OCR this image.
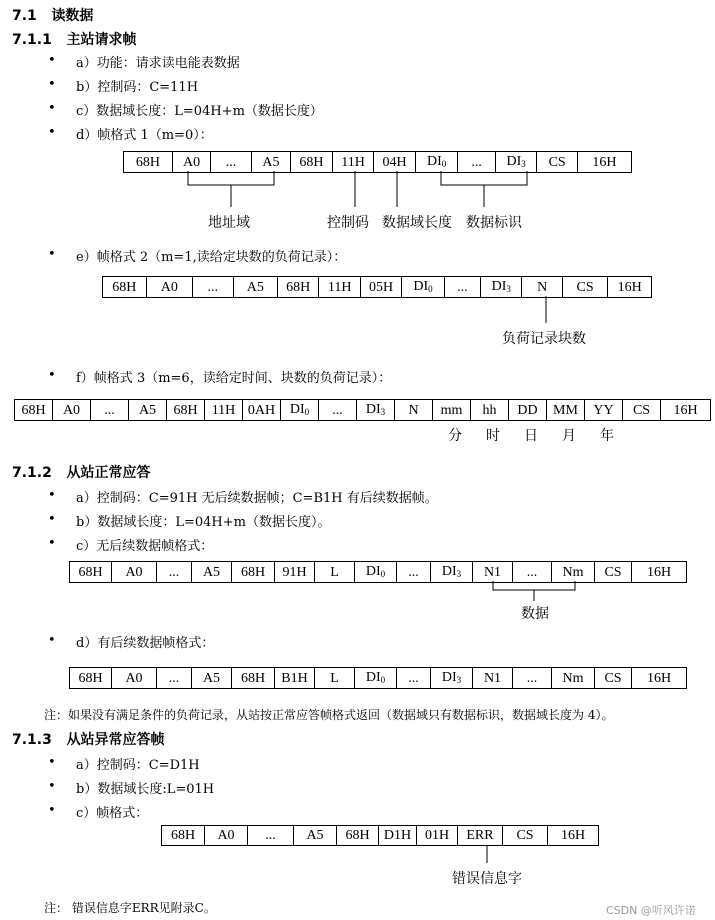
7.1 读数据
7.1.1 主站请求帧
• a）功能：请求读电能表数据
• b）控制码：C=11H
• c）数据域长度：L=04H+m（数据长度）
• d）帧格式 1（m=0）：
68H	A0	...	A5	68H	11H	04H	$DI_0$	...	$DI_3$	CS	16H
地址域	控制码 数据域长度 数据标识
• e）帧格式 2（m=1,读给定块数的负荷记录）：
68H	A0	...	A5	68H	11H	05H	$DI_0$	...	$DI_3$	N	CS	16H
负荷记录块数
• f）帧格式 3（m=6，读给定时间、块数的负荷记录）：
68H	A0	...	A5	68H	11H	0AH	$DI_0$	...	$DI_3$	N	mm	hh	DD	MM	YY	CS	16H
分 时 日 月 年
7.1.2 从站正常应答
• a）控制码：C=91H 无后续数据帧；C=B1H 有后续数据帧。
• b）数据域长度：L=04H+m（数据长度）。
• c）无后续数据帧格式：
68H	A0	...	A5	68H	91H	L	$DI_0$	...	$DI_3$	N1	...	Nm	CS	16H
数据
• d）有后续数据帧格式：
68H	A0	...	A5	68H	B1H	L	$DI_0$	...	$DI_3$	N1	...	Nm	CS	16H
注：如果没有满足条件的负荷记录，从站按正常应答帧格式返回（数据域只有数据标识，数据域长度为 4）。
7.1.3 从站异常应答帧
• a）控制码：C=D1H
• b）数据域长度:L=01H
• c）帧格式：
68H	A0	...	A5	68H	D1H	01H	ERR	CS	16H
错误信息字
注： 错误信息字ERR见附录C。	CSDN @听风许诺
